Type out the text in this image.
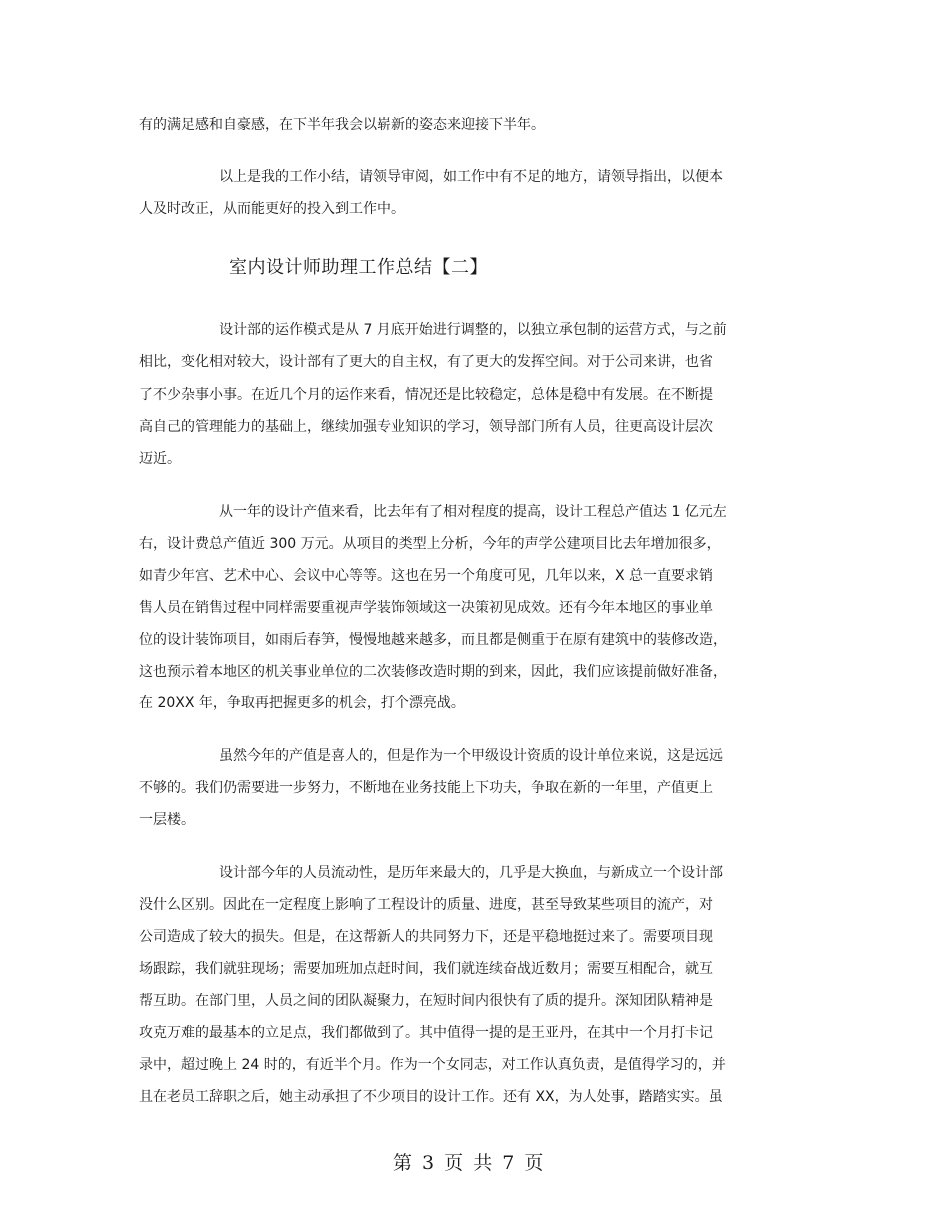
有的满足感和自豪感，在下半年我会以崭新的姿态来迎接下半年。
以上是我的工作小结，请领导审阅，如工作中有不足的地方，请领导指出，以便本
人及时改正，从而能更好的投入到工作中。
室内设计师助理工作总结【二】
设计部的运作模式是从 7 月底开始进行调整的，以独立承包制的运营方式，与之前
相比，变化相对较大，设计部有了更大的自主权，有了更大的发挥空间。对于公司来讲，也省
了不少杂事小事。在近几个月的运作来看，情况还是比较稳定，总体是稳中有发展。在不断提
高自己的管理能力的基础上，继续加强专业知识的学习，领导部门所有人员，往更高设计层次
迈近。
从一年的设计产值来看，比去年有了相对程度的提高，设计工程总产值达 1 亿元左
右，设计费总产值近 300 万元。从项目的类型上分析，今年的声学公建项目比去年增加很多，
如青少年宫、艺术中心、会议中心等等。这也在另一个角度可见，几年以来，X 总一直要求销
售人员在销售过程中同样需要重视声学装饰领域这一决策初见成效。还有今年本地区的事业单
位的设计装饰项目，如雨后春笋，慢慢地越来越多，而且都是侧重于在原有建筑中的装修改造，
这也预示着本地区的机关事业单位的二次装修改造时期的到来，因此，我们应该提前做好准备，
在 20XX 年，争取再把握更多的机会，打个漂亮战。
虽然今年的产值是喜人的，但是作为一个甲级设计资质的设计单位来说，这是远远
不够的。我们仍需要进一步努力，不断地在业务技能上下功夫，争取在新的一年里，产值更上
一层楼。
设计部今年的人员流动性，是历年来最大的，几乎是大换血，与新成立一个设计部
没什么区别。因此在一定程度上影响了工程设计的质量、进度，甚至导致某些项目的流产，对
公司造成了较大的损失。但是，在这帮新人的共同努力下，还是平稳地挺过来了。需要项目现
场跟踪，我们就驻现场；需要加班加点赶时间，我们就连续奋战近数月；需要互相配合，就互
帮互助。在部门里，人员之间的团队凝聚力，在短时间内很快有了质的提升。深知团队精神是
攻克万难的最基本的立足点，我们都做到了。其中值得一提的是王亚丹，在其中一个月打卡记
录中，超过晚上 24 时的，有近半个月。作为一个女同志，对工作认真负责，是值得学习的，并
且在老员工辞职之后，她主动承担了不少项目的设计工作。还有 XX，为人处事，踏踏实实。虽
第 3 页 共 7 页
